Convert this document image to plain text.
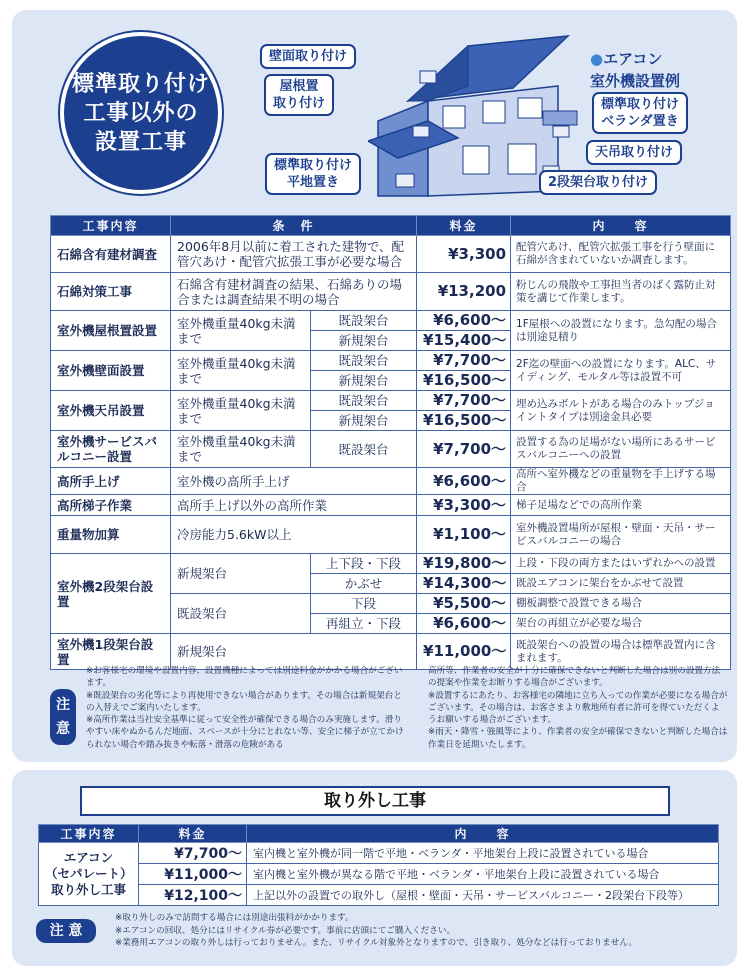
標準取り付け
工事以外の
設置工事
壁面取り付け
屋根置
取り付け
標準取り付け
平地置き
標準取り付け
ベランダ置き
天吊取り付け
2段架台取り付け
●エアコン
室外機設置例
工事内容	条　件		料金	内　　容
石綿含有建材調査	2006年8月以前に着工された建物で、配管穴あけ・配管穴拡張工事が必要な場合		¥3,300	配管穴あけ、配管穴拡張工事を行う壁面に石綿が含まれていないか調査します。
石綿対策工事	石綿含有建材調査の結果、石綿ありの場合または調査結果不明の場合		¥13,200	粉じんの飛散や工事担当者のばく露防止対策を講じて作業します。
室外機屋根置設置	室外機重量40kg未満まで	既設架台	¥6,600～	1F屋根への設置になります。急勾配の場合は別途見積り
		新規架台	¥15,400～	
室外機壁面設置	室外機重量40kg未満まで	既設架台	¥7,700～	2F迄の壁面への設置になります。ALC、サイディング、モルタル等は設置不可
		新規架台	¥16,500～	
室外機天吊設置	室外機重量40kg未満まで	既設架台	¥7,700～	埋め込みボルトがある場合のみトップジョイントタイプは別途金具必要
		新規架台	¥16,500～	
室外機サービスバルコニー設置	室外機重量40kg未満まで	既設架台	¥7,700～	設置する為の足場がない場所にあるサービスバルコニーへの設置
高所手上げ	室外機の高所手上げ		¥6,600～	高所へ室外機などの重量物を手上げする場合
高所梯子作業	高所手上げ以外の高所作業		¥3,300～	梯子足場などでの高所作業
重量物加算	冷房能力5.6kW以上		¥1,100～	室外機設置場所が屋根・壁面・天吊・サービスバルコニーの場合
室外機2段架台設置	新規架台	上下段・下段	¥19,800～	上段・下段の両方またはいずれかへの設置
		かぶせ	¥14,300～	既設エアコンに架台をかぶせて設置
	既設架台	下段	¥5,500～	棚板調整で設置できる場合
		再組立・下段	¥6,600～	架台の再組立が必要な場合
室外機1段架台設置	新規架台		¥11,000～	既設架台への設置の場合は標準設置内に含まれます。
注意

※お客様宅の環境や設置内容、設置機種によっては別途料金がかかる場合がございます。

※既設架台の劣化等により再使用できない場合があります。その場合は新規架台との入替えでご案内いたします。

※高所作業は当社安全基準に従って安全性が確保できる場合のみ実施します。滑りやすい床やぬかるんだ地面、スペースが十分にとれない等、安全に梯子が立てかけられない場合や踏み抜きや転落・滑落の危険がある

高所等、作業者の安全が十分に確保できないと判断した場合は別の設置方法の提案や作業をお断りする場合がございます。

※設置するにあたり、お客様宅の隣地に立ち入っての作業が必要になる場合がございます。その場合は、お客さまより敷地所有者に許可を得ていただくようお願いする場合がございます。

※雨天・降雪・強風等により、作業者の安全が確保できないと判断した場合は作業日を延期いたします。

取り外し工事
工事内容	料金	内　　容

エアコン
（セパレート）
取り外し工事	¥7,700～	室内機と室外機が同一階で平地・ベランダ・平地架台上段に設置されている場合
	¥11,000～	室内機と室外機が異なる階で平地・ベランダ・平地架台上段に設置されている場合
	¥12,100～	上記以外の設置での取外し（屋根・壁面・天吊・サービスバルコニー・2段架台下段等）
注 意

※取り外しのみで訪問する場合には別途出張料がかかります。

※エアコンの回収、処分にはリサイクル券が必要です。事前に店頭にてご購入ください。

※業務用エアコンの取り外しは行っておりません。また、リサイクル対象外となりますので、引き取り、処分などは行っておりません。
